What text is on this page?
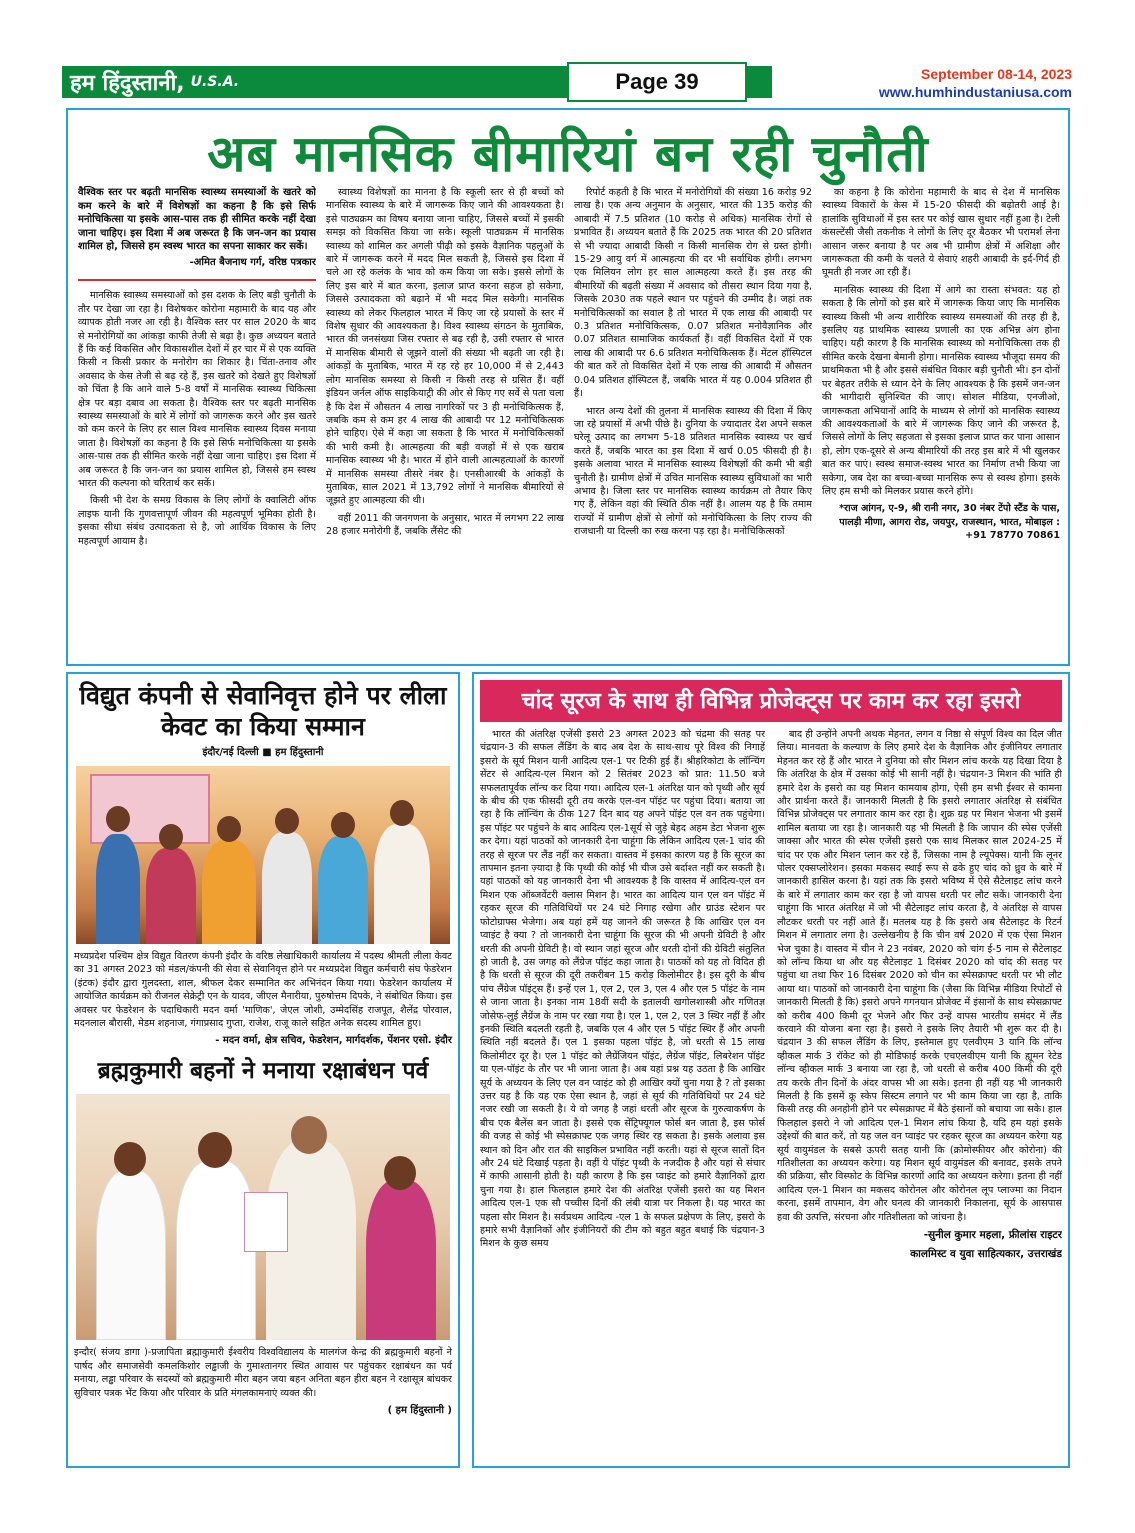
हम हिंदुस्तानी, U.S.A.	Page 39	September 08-14, 2023
www.humhindustaniusa.com
अब मानसिक बीमारियां बन रही चुनौती
वैश्विक स्तर पर बढ़ती मानसिक स्वास्थ्य समस्याओं के खतरे को कम करने के बारे में विशेषज्ञों का कहना है कि इसे सिर्फ मनोचिकित्सा या इसके आस-पास तक ही सीमित करके नहीं देखा जाना चाहिए। इस दिशा में अब जरूरत है कि जन-जन का प्रयास शामिल हो, जिससे हम स्वस्थ भारत का सपना साकार कर सकें।
-अमित बैजनाथ गर्ग, वरिष्ठ पत्रकार

मानसिक स्वास्थ्य समस्याओं को इस दशक के लिए बड़ी चुनौती के तौर पर देखा जा रहा है। विशेषकर कोरोना महामारी के बाद यह और व्यापक होती नजर आ रही है। वैश्विक स्तर पर साल 2020 के बाद से मनोरोगियों का आंकड़ा काफी तेजी से बढ़ा है। कुछ अध्ययन बताते हैं कि कई विकसित और विकासशील देशों में हर चार में से एक व्यक्ति किसी न किसी प्रकार के मनोरोग का शिकार है। चिंता-तनाव और अवसाद के केस तेजी से बढ़ रहे हैं, इस खतरे को देखते हुए विशेषज्ञों को चिंता है कि आने वाले 5-8 वर्षों में मानसिक स्वास्थ्य चिकित्सा क्षेत्र पर बड़ा दबाव आ सकता है। वैश्विक स्तर पर बढ़ती मानसिक स्वास्थ्य समस्याओं के बारे में लोगों को जागरूक करने और इस खतरे को कम करने के लिए हर साल विश्व मानसिक स्वास्थ्य दिवस मनाया जाता है। विशेषज्ञों का कहना है कि इसे सिर्फ मनोचिकित्सा या इसके आस-पास तक ही सीमित करके नहीं देखा जाना चाहिए। इस दिशा में अब जरूरत है कि जन-जन का प्रयास शामिल हो, जिससे हम स्वस्थ भारत की कल्पना को चरितार्थ कर सकें।

किसी भी देश के समग्र विकास के लिए लोगों के क्वालिटी ऑफ लाइफ यानी कि गुणवत्तापूर्ण जीवन की महत्वपूर्ण भूमिका होती है। इसका सीधा संबंध उत्पादकता से है, जो आर्थिक विकास के लिए महत्वपूर्ण आयाम है।

स्वास्थ्य विशेषज्ञों का मानना है कि स्कूली स्तर से ही बच्चों को मानसिक स्वास्थ्य के बारे में जागरूक किए जाने की आवश्यकता है। इसे पाठ्यक्रम का विषय बनाया जाना चाहिए, जिससे बच्चों में इसकी समझ को विकसित किया जा सके। स्कूली पाठ्यक्रम में मानसिक स्वास्थ्य को शामिल कर अगली पीढ़ी को इसके वैज्ञानिक पहलुओं के बारे में जागरूक करने में मदद मिल सकती है, जिससे इस दिशा में चले आ रहे कलंक के भाव को कम किया जा सके। इससे लोगों के लिए इस बारे में बात करना, इलाज प्राप्त करना सहज हो सकेगा, जिससे उत्पादकता को बढ़ाने में भी मदद मिल सकेगी। मानसिक स्वास्थ्य को लेकर फिलहाल भारत में किए जा रहे प्रयासों के स्तर में विशेष सुधार की आवश्यकता है। विश्व स्वास्थ्य संगठन के मुताबिक, भारत की जनसंख्या जिस रफ्तार से बढ़ रही है, उसी रफ्तार से भारत में मानसिक बीमारी से जूझने वालों की संख्या भी बढ़ती जा रही है। आंकड़ों के मुताबिक, भारत में रह रहे हर 10,000 में से 2,443 लोग मानसिक समस्या से किसी न किसी तरह से ग्रसित हैं। वहीं इंडियन जर्नल ऑफ साइकियाट्री की ओर से किए गए सर्वे से पता चला है कि देश में औसतन 4 लाख नागरिकों पर 3 ही मनोचिकित्सक हैं, जबकि कम से कम हर 4 लाख की आबादी पर 12 मनोचिकित्सक होने चाहिए। ऐसे में कहा जा सकता है कि भारत में मनोचिकित्सकों की भारी कमी है। आत्महत्या की बड़ी वजहों में से एक खराब मानसिक स्वास्थ्य भी है। भारत में होने वाली आत्महत्याओं के कारणों में मानसिक समस्या तीसरे नंबर है। एनसीआरबी के आंकड़ों के मुताबिक, साल 2021 में 13,792 लोगों ने मानसिक बीमारियों से जूझते हुए आत्महत्या की थी।

वहीं 2011 की जनगणना के अनुसार, भारत में लगभग 22 लाख 28 हजार मनोरोगी हैं, जबकि लैंसेट की

रिपोर्ट कहती है कि भारत में मनोरोगियों की संख्या 16 करोड़ 92 लाख है। एक अन्य अनुमान के अनुसार, भारत की 135 करोड़ की आबादी में 7.5 प्रतिशत (10 करोड़ से अधिक) मानसिक रोगों से प्रभावित हैं। अध्ययन बताते हैं कि 2025 तक भारत की 20 प्रतिशत से भी ज्यादा आबादी किसी न किसी मानसिक रोग से ग्रस्त होगी। 15-29 आयु वर्ग में आत्महत्या की दर भी सर्वाधिक होगी। लगभग एक मिलियन लोग हर साल आत्महत्या करते हैं। इस तरह की बीमारियों की बढ़ती संख्या में अवसाद को तीसरा स्थान दिया गया है, जिसके 2030 तक पहले स्थान पर पहुंचने की उम्मीद है। जहां तक मनोचिकित्सकों का सवाल है तो भारत में एक लाख की आबादी पर 0.3 प्रतिशत मनोचिकित्सक, 0.07 प्रतिशत मनोवैज्ञानिक और 0.07 प्रतिशत सामाजिक कार्यकर्ता हैं। वहीं विकसित देशों में एक लाख की आबादी पर 6.6 प्रतिशत मनोचिकित्सक हैं। मेंटल हॉस्पिटल की बात करें तो विकसित देशों में एक लाख की आबादी में औसतन 0.04 प्रतिशत हॉस्पिटल हैं, जबकि भारत में यह 0.004 प्रतिशत ही हैं।

भारत अन्य देशों की तुलना में मानसिक स्वास्थ्य की दिशा में किए जा रहे प्रयासों में अभी पीछे है। दुनिया के ज्यादातर देश अपने सकल घरेलू उत्पाद का लगभग 5-18 प्रतिशत मानसिक स्वास्थ्य पर खर्च करते हैं, जबकि भारत का इस दिशा में खर्च 0.05 फीसदी ही है। इसके अलावा भारत में मानसिक स्वास्थ्य विशेषज्ञों की कमी भी बड़ी चुनौती है। ग्रामीण क्षेत्रों में उचित मानसिक स्वास्थ्य सुविधाओं का भारी अभाव है। जिला स्तर पर मानसिक स्वास्थ्य कार्यक्रम तो तैयार किए गए हैं, लेकिन वहां की स्थिति ठीक नहीं है। आलम यह है कि तमाम राज्यों में ग्रामीण क्षेत्रों से लोगों को मनोचिकित्सा के लिए राज्य की राजधानी या दिल्ली का रुख करना पड़ रहा है। मनोचिकित्सकों

का कहना है कि कोरोना महामारी के बाद से देश में मानसिक स्वास्थ्य विकारों के केस में 15-20 फीसदी की बढ़ोतरी आई है। हालांकि सुविधाओं में इस स्तर पर कोई खास सुधार नहीं हुआ है। टेली कंसल्टेंसी जैसी तकनीक ने लोगों के लिए दूर बैठकर भी परामर्श लेना आसान जरूर बनाया है पर अब भी ग्रामीण क्षेत्रों में अशिक्षा और जागरूकता की कमी के चलते ये सेवाएं शहरी आबादी के इर्द-गिर्द ही घूमती ही नजर आ रही हैं।

मानसिक स्वास्थ्य की दिशा में आगे का रास्ता संभवत: यह हो सकता है कि लोगों को इस बारे में जागरूक किया जाए कि मानसिक स्वास्थ्य किसी भी अन्य शारीरिक स्वास्थ्य समस्याओं की तरह ही है, इसलिए यह प्राथमिक स्वास्थ्य प्रणाली का एक अभिन्न अंग होना चाहिए। यही कारण है कि मानसिक स्वास्थ्य को मनोचिकित्सा तक ही सीमित करके देखना बेमानी होगा। मानसिक स्वास्थ्य भौजूदा समय की प्राथमिकता भी है और इससे संबंधित विकार बड़ी चुनौती भी। इन दोनों पर बेहतर तरीके से ध्यान देने के लिए आवश्यक है कि इसमें जन-जन की भागीदारी सुनिश्चित की जाए। सोशल मीडिया, एनजीओ, जागरूकता अभियानों आदि के माध्यम से लोगों को मानसिक स्वास्थ्य की आवश्यकताओं के बारे में जागरूक किए जाने की जरूरत है, जिससे लोगों के लिए सहजता से इसका इलाज प्राप्त कर पाना आसान हो, लोग एक-दूसरे से अन्य बीमारियों की तरह इस बारे में भी खुलकर बात कर पाएं। स्वस्थ समाज-स्वस्थ भारत का निर्माण तभी किया जा सकेगा, जब देश का बच्चा-बच्चा मानसिक रूप से स्वस्थ होगा। इसके लिए हम सभी को मिलकर प्रयास करने होंगे।

*राज आंगन, ए-9, श्री रानी नगर, 30 नंबर टेंपो स्टैंड के पास, पालड़ी मीणा, आगरा रोड, जयपुर, राजस्थान, भारत, मोबाइल : +91 78770 70861
विद्युत कंपनी से सेवानिवृत्त होने पर लीला केवट का किया सम्मान
इंदौर/नई दिल्ली ■ हम हिंदुस्तानी
मध्यप्रदेश पश्चिम क्षेत्र विद्युत वितरण कंपनी इंदौर के वरिष्ठ लेखाधिकारी कार्यालय में पदस्थ श्रीमती लीला केवट का 31 अगस्त 2023 को मंडल/कंपनी की सेवा से सेवानिवृत्त होने पर मध्यप्रदेश विद्युत कर्मचारी संघ फेडरेशन (इंटक) इंदौर द्वारा गुलदस्ता, शाल, श्रीफल देकर सम्मानित कर अभिनंदन किया गया। फेडरेशन कार्यालय में आयोजित कार्यक्रम को रीजनल सेक्रेट्री एन के यादव, जीएल मैनारीया, पुरुषोत्तम दिपके, ने संबोधित किया। इस अवसर पर फेडरेशन के पदाधिकारी मदन वर्मा 'माणिक', जेएल जोशी, उम्मेदसिंह राजपूत, शैलेंद्र पोरवाल, मदनलाल बौरासी, मेडम शहनाज, गंगाप्रसाद गुप्ता, राजेश, राजू काले सहित अनेक सदस्य शामिल हुए।
- मदन वर्मा, क्षेत्र सचिव, फेडरेशन, मार्गदर्शक, पेंशनर एसो. इंदौर
ब्रह्मकुमारी बहनों ने मनाया रक्षाबंधन पर्व
इन्दौर( संजय डागा )-प्रजापिता ब्रह्माकुमारी ईश्वरीय विश्वविद्यालय के मालगंज केन्द्र की ब्रह्मकुमारी बहनों ने पार्षद और समाजसेवी कमलकिशोर लड्ढाजी के गुमाश्तानगर स्थित आवास पर पहुंचकर रक्षाबंधन का पर्व मनाया, लड्ढा परिवार के सदस्यों को ब्रह्मकुमारी मीरा बहन जया बहन अनिता बहन हीरा बहन ने रक्षासूत्र बांधकर सुविचार पत्रक भेंट किया और परिवार के प्रति मंगलकामनाएं व्यक्त की।
( हम हिंदुस्तानी )
चांद सूरज के साथ ही विभिन्न प्रोजेक्ट्स पर काम कर रहा इसरो

भारत की अंतरिक्ष एजेंसी इसरो 23 अगस्त 2023 को चंद्रमा की सतह पर चंद्रयान-3 की सफल लैंडिंग के बाद अब देश के साथ-साथ पूरे विश्व की निगाहें इसरो के सूर्य मिशन यानी आदित्य एल-1 पर टिकी हुई हैं। श्रीहरिकोटा के लॉन्चिंग सेंटर से आदित्य-एल मिशन को 2 सितंबर 2023 को प्रात: 11.50 बजे सफलतापूर्वक लॉन्च कर दिया गया। आदित्य एल-1 अंतरिक्ष यान को पृथ्वी और सूर्य के बीच की एक फीसदी दूरी तय करके एल-वन पॉइंट पर पहुंचा दिया। बताया जा रहा है कि लॉन्चिंग के ठीक 127 दिन बाद यह अपने पॉइंट एल वन तक पहुंचेगा। इस पॉइंट पर पहुंचने के बाद आदित्य एल-1सूर्य से जुड़े बेहद अहम डेटा भेजना शुरू कर देगा। यहां पाठकों को जानकारी देना चाहूंगा कि लेकिन आदित्य एल-1 चांद की तरह से सूरज पर लैंड नहीं कर सकता। वास्तव में इसका कारण यह है कि सूरज का तापमान इतना ज़्यादा है कि पृथ्वी की कोई भी चीज उसे बर्दाश्त नहीं कर सकती है। यहां पाठकों को यह जानकारी देना भी आवश्यक है कि वास्तव में आदित्य-एल वन मिशन एक ऑब्जर्वेटरी क्लास मिशन है। भारत का आदित्य यान एल वन पॉइंट में रहकर सूरज की गतिविधियों पर 24 घंटे निगाह रखेगा और ग्राउंड स्टेशन पर फोटोग्राफ्स भेजेगा। अब यहां हमें यह जानने की जरूरत है कि आखिर एल वन प्वाइंट है क्या ? तो जानकारी देना चाहूंगा कि सूरज की भी अपनी ग्रेविटी है और धरती की अपनी ग्रेविटी है। वो स्थान जहां सूरज और धरती दोनों की ग्रेविटी संतुलित हो जाती है, उस जगह को लैंग्रेज पॉइंट कहा जाता है। पाठकों को यह तो विदित ही है कि धरती से सूरज की दूरी तकरीबन 15 करोड़ किलोमीटर है। इस दूरी के बीच पांच लैंग्रेज पॉइंट्स हैं। इन्हें एल 1, एल 2, एल 3, एल 4 और एल 5 पॉइंट के नाम से जाना जाता है। इनका नाम 18वीं सदी के इतालवी खगोलशास्त्री और गणितज्ञ जोसेफ-लुई लैग्रेंज के नाम पर रखा गया है। एल 1, एल 2, एल 3 स्थिर नहीं हैं और इनकी स्थिति बदलती रहती है, जबकि एल 4 और एल 5 पॉइंट स्थिर हैं और अपनी स्थिति नहीं बदलते हैं। एल 1 इसका पहला पॉइंट है, जो धरती से 15 लाख किलोमीटर दूर है। एल 1 पॉइंट को लैग्रेंजियन पॉइंट, लैग्रेंज पॉइंट, लिबरेशन पॉइंट या एल-पॉइंट के तौर पर भी जाना जाता है। अब यहां प्रश्न यह उठता है कि आखिर सूर्य के अध्ययन के लिए एल वन प्वाइंट को ही आखिर क्यों चुना गया है ? तो इसका उत्तर यह है कि यह एक ऐसा स्थान है, जहां से सूर्य की गतिविधियों पर 24 घंटे नजर रखी जा सकती है। ये वो जगह है जहां धरती और सूरज के गुरुत्वाकर्षण के बीच एक बैलेंस बन जाता है। इससे एक सेंट्रिफ्यूगल फोर्स बन जाता है, इस फोर्स की वजह से कोई भी स्पेसक्राफ्ट एक जगह स्थिर रह सकता है। इसके अलावा इस स्थान को दिन और रात की साइकिल प्रभावित नहीं करती। यहां से सूरज सातों दिन और 24 घंटे दिखाई पड़ता है। वहीं ये पॉइंट पृथ्वी के नजदीक है और यहां से संचार में काफी आसानी होती है। यही कारण है कि इस प्वाइंट को हमारे वैज्ञानिकों द्वारा चुना गया है। हाल फिलहाल हमारे देश की अंतरिक्ष एजेंसी इसरो का यह मिशन आदित्य एल-1 एक सौ पच्चीस दिनों की लंबी यात्रा पर निकला है। यह भारत का पहला सौर मिशन है। सर्वप्रथम आदित्य -एल 1 के सफल प्रक्षेपण के लिए, इसरो के हमारे सभी वैज्ञानिकों और इंजीनियरों की टीम को बहुत बहुत बधाई कि चंद्रयान-3 मिशन के कुछ समय

बाद ही उन्होंने अपनी अथक मेहनत, लगन व निष्ठा से संपूर्ण विश्व का दिल जीत लिया। मानवता के कल्याण के लिए हमारे देश के वैज्ञानिक और इंजीनियर लगातार मेहनत कर रहे हैं और भारत ने दुनिया को सौर मिशन लांच करके यह दिखा दिया है कि अंतरिक्ष के क्षेत्र में उसका कोई भी सानी नहीं है। चंद्रयान-3 मिशन की भांति ही हमारे देश के इसरो का यह मिशन कामयाब होगा, ऐसी हम सभी ईश्वर से कामना और प्रार्थना करते हैं। जानकारी मिलती है कि इसरो लगातार अंतरिक्ष से संबंधित विभिन्न प्रोजेक्ट्स पर लगातार काम कर रहा है। शुक्र ग्रह पर मिशन भेजना भी इसमें शामिल बताया जा रहा है। जानकारी यह भी मिलती है कि जापान की स्पेस एजेंसी जाक्सा और भारत की स्पेस एजेंसी इसरो एक साथ मिलकर साल 2024-25 में चांद पर एक और मिशन प्लान कर रहे हैं, जिसका नाम है ल्यूपेक्स। यानी कि लूनर पोलर एक्सप्लोरेशन। इसका मकसद स्थाई रूप से ढके हुए चांद को ध्रुव के बारे में जानकारी हासिल करना है। यहां तक कि इसरो भविष्य में ऐसे सैटेलाइट लांच करने के बारे में लगातार काम कर रहा है जो वापस धरती पर लौट सकें। जानकारी देना चाहूंगा कि भारत अंतरिक्ष में जो भी सैटेलाइट लांच करता है, वे अंतरिक्ष से वापस लौटकर धरती पर नहीं आते हैं। मतलब यह है कि इसरो अब सैटेलाइट के रिटर्न मिशन में लगातार लगा है। उल्लेखनीय है कि चीन वर्ष 2020 में एक ऐसा मिशन भेज चुका है। वास्तव में चीन ने 23 नवंबर, 2020 को चांग ई-5 नाम से सैटेलाइट को लॉन्च किया था और यह सैटेलाइट 1 दिसंबर 2020 को चांद की सतह पर पहुंचा था तथा फिर 16 दिसंबर 2020 को चीन का स्पेसक्राफ्ट धरती पर भी लौट आया था। पाठकों को जानकारी देना चाहूंगा कि (जैसा कि विभिन्न मीडिया रिपोर्टों से जानकारी मिलती है कि) इसरो अपने गगनयान प्रोजेक्ट में इंसानों के साथ स्पेसक्राफ्ट को करीब 400 किमी दूर भेजने और फिर उन्हें वापस भारतीय समंदर में लैंड करवाने की योजना बना रहा है। इसरो ने इसके लिए तैयारी भी शुरू कर दी है। चंद्रयान 3 की सफल लैंडिंग के लिए, इस्तेमाल हुए एलवीएम 3 यानि कि लॉन्च व्हीकल मार्क 3 रॉकेट को ही मोडिफाई करके एचएलवीएम यानी कि ह्यूमन रेटेड लॉन्च व्हीकल मार्क 3 बनाया जा रहा है, जो धरती से करीब 400 किमी की दूरी तय करके तीन दिनों के अंदर वापस भी आ सके। इतना ही नहीं यह भी जानकारी मिलती है कि इसमें क्रू स्केप सिस्टम लगाने पर भी काम किया जा रहा है, ताकि किसी तरह की अनहोनी होने पर स्पेसक्राफ्ट में बैठे इंसानों को बचाया जा सके। हाल फिलहाल इसरो ने जो आदित्य एल-1 मिशन लांच किया है, यदि हम यहां इसके उद्देश्यों की बात करें, तो यह जल वन प्वाइंट पर रहकर सूरज का अध्ययन करेगा यह सूर्य वायुमंडल के सबसे ऊपरी सतह यानी कि (क्रोमोस्फीयर और कोरोना) की गतिशीलता का अध्ययन करेगा। यह मिशन सूर्य वायुमंडल की बनावट, इसके तपने की प्रक्रिया, सौर विस्फोट के विभिन्न कारणों आदि का अध्ययन करेगा। इतना ही नहीं आदित्य एल-1 मिशन का मकसद कोरोनल और कोरोनल लूप प्लाज्मा का निदान करना, इसमें तापमान, वेग और घनत्व की जानकारी निकालना, सूर्य के आसपास हवा की उत्पत्ति, संरचना और गतिशीलता को जांचना है।

-सुनील कुमार महला, फ्रीलांस राइटर
कालमिस्ट व युवा साहित्यकार, उत्तराखंड
